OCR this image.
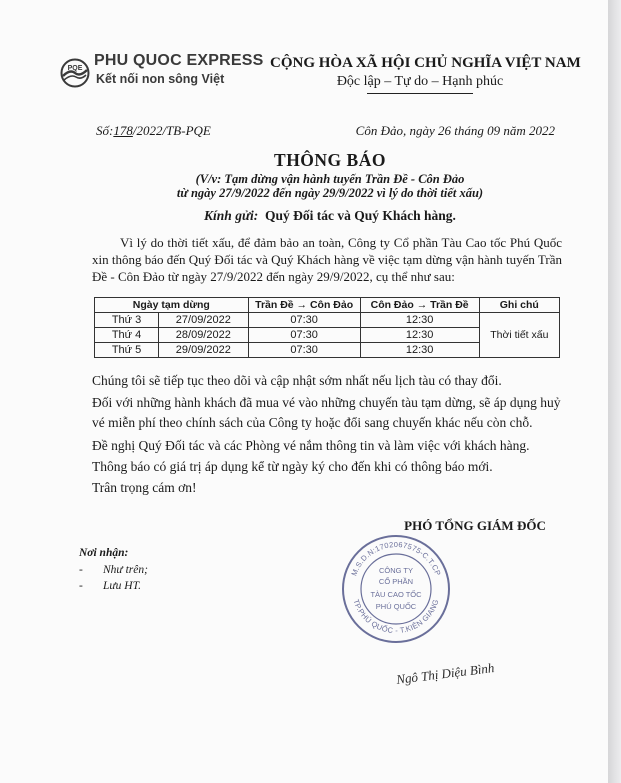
PQE PHU QUOC EXPRESS
Kết nối non sông Việt
CỘNG HÒA XÃ HỘI CHỦ NGHĨA VIỆT NAM
Độc lập – Tự do – Hạnh phúc
Số:178/2022/TB-PQE	Côn Đảo, ngày 26 tháng 09 năm 2022
THÔNG BÁO
(V/v: Tạm dừng vận hành tuyến Trần Đề - Côn Đảo
từ ngày 27/9/2022 đến ngày 29/9/2022 vì lý do thời tiết xấu)
Kính gửi: Quý Đối tác và Quý Khách hàng.
Vì lý do thời tiết xấu, để đảm bảo an toàn, Công ty Cổ phần Tàu Cao tốc Phú Quốc xin thông báo đến Quý Đối tác và Quý Khách hàng về việc tạm dừng vận hành tuyến Trần Đề - Côn Đảo từ ngày 27/9/2022 đến ngày 29/9/2022, cụ thể như sau:
Ngày tạm dừng		Trần Đề → Côn Đảo	Côn Đảo → Trần Đề	Ghi chú
Thứ 3	27/09/2022	07:30	12:30	Thời tiết xấu
Thứ 4	28/09/2022	07:30	12:30	
Thứ 5	29/09/2022	07:30	12:30	
Chúng tôi sẽ tiếp tục theo dõi và cập nhật sớm nhất nếu lịch tàu có thay đổi.
Đối với những hành khách đã mua vé vào những chuyến tàu tạm dừng, sẽ áp dụng huỷ vé miễn phí theo chính sách của Công ty hoặc đổi sang chuyến khác nếu còn chỗ.
Đề nghị Quý Đối tác và các Phòng vé nắm thông tin và làm việc với khách hàng.
Thông báo có giá trị áp dụng kể từ ngày ký cho đến khi có thông báo mới.
Trân trọng cám ơn!
PHÓ TỔNG GIÁM ĐỐC
M.S.D.N:1702067575-C.T.CP
TP.PHÚ QUỐC - T.KIÊN GIANG
CÔNG TY
CỔ PHẦN
TÀU CAO TỐC
PHÚ QUỐC
Ngô Thị Diệu Bình
Nơi nhận:
- Như trên;
- Lưu HT.
